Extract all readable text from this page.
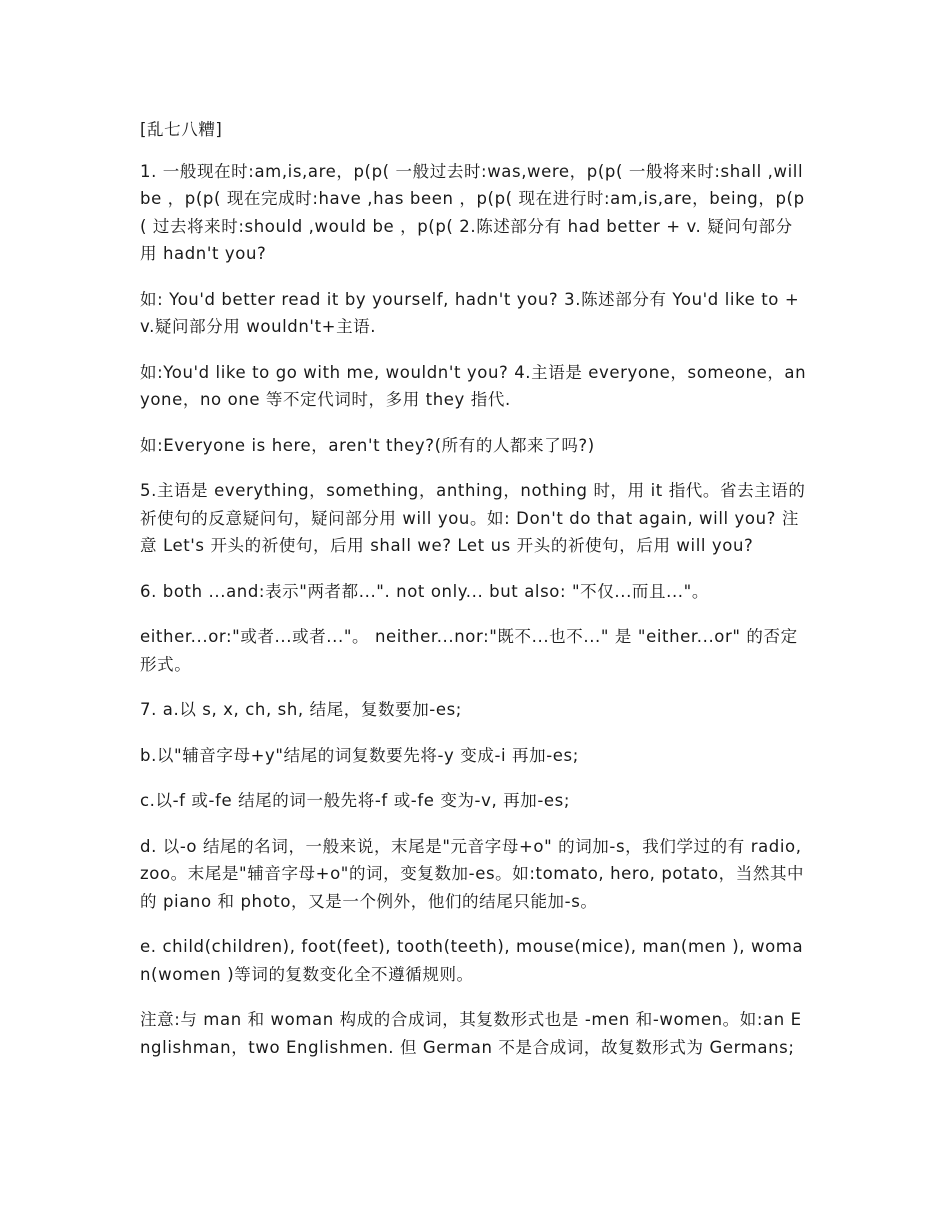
[乱七八糟]

1. 一般现在时:am,is,are，p(p( 一般过去时:was,were，p(p( 一般将来时:shall ,will be ，p(p( 现在完成时:have ,has been ，p(p( 现在进行时:am,is,are，being，p(p( 过去将来时:should ,would be ，p(p( 2.陈述部分有 had better + v. 疑问句部分用 hadn't you?

如: You'd better read it by yourself, hadn't you? 3.陈述部分有 You'd like to +v.疑问部分用 wouldn't+主语.

如:You'd like to go with me, wouldn't you? 4.主语是 everyone，someone，anyone，no one 等不定代词时，多用 they 指代.

如:Everyone is here，aren't they?(所有的人都来了吗?)

5.主语是 everything，something，anthing，nothing 时，用 it 指代。省去主语的祈使句的反意疑问句，疑问部分用 will you。如: Don't do that again, will you? 注意 Let's 开头的祈使句，后用 shall we? Let us 开头的祈使句，后用 will you?

6. both ...and:表示"两者都...". not only... but also: "不仅...而且..."。

either...or:"或者...或者..."。 neither...nor:"既不...也不..." 是 "either...or" 的否定形式。

7. a.以 s, x, ch, sh, 结尾，复数要加-es;

b.以"辅音字母+y"结尾的词复数要先将-y 变成-i 再加-es;

c.以-f 或-fe 结尾的词一般先将-f 或-fe 变为-v, 再加-es;

d. 以-o 结尾的名词，一般来说，末尾是"元音字母+o" 的词加-s，我们学过的有 radio,zoo。末尾是"辅音字母+o"的词，变复数加-es。如:tomato, hero, potato，当然其中的 piano 和 photo，又是一个例外，他们的结尾只能加-s。

e. child(children), foot(feet), tooth(teeth), mouse(mice), man(men ), woman(women )等词的复数变化全不遵循规则。

注意:与 man 和 woman 构成的合成词，其复数形式也是 -men 和-women。如:an Englishman，two Englishmen. 但 German 不是合成词，故复数形式为 Germans;
